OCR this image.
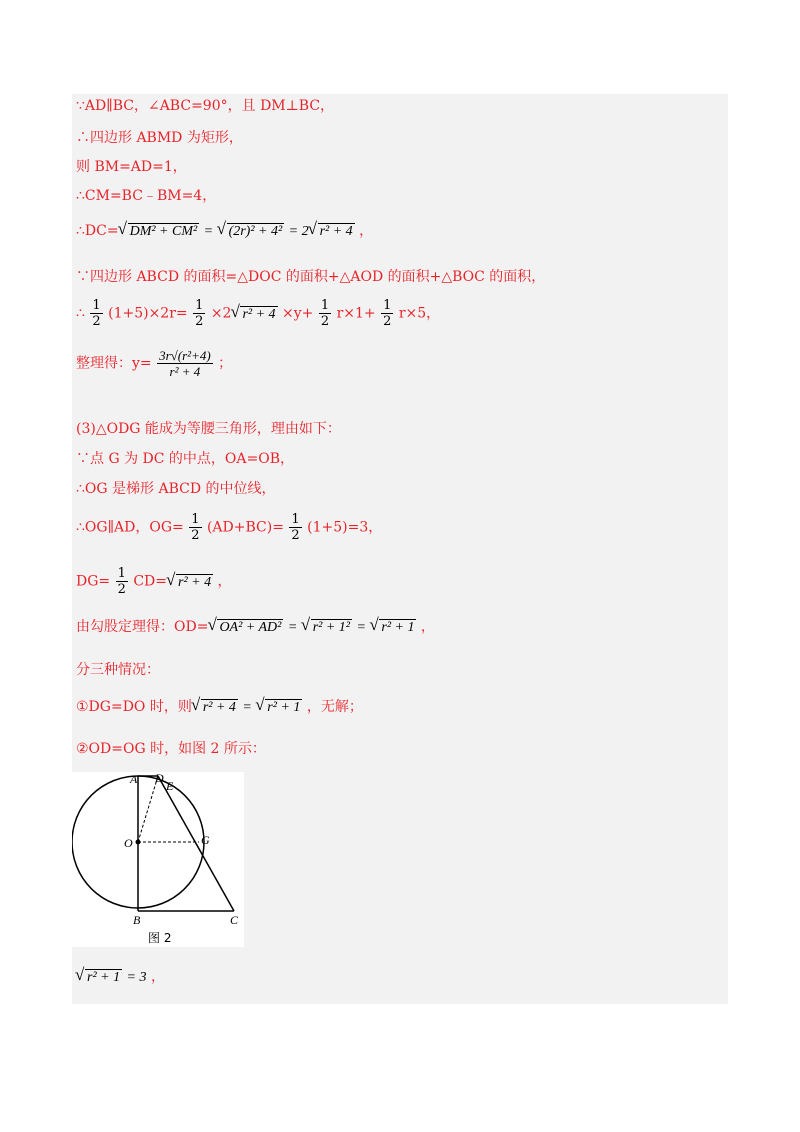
∵AD∥BC，∠ABC=90°，且 DM⊥BC，
∴四边形 ABMD 为矩形，
则 BM=AD=1，
∴CM=BC﹣BM=4，
∴DC=√ DM² + CM² = √ (2r)² + 4² = 2√ r² + 4 ，
∵四边形 ABCD 的面积=△DOC 的面积+△AOD 的面积+△BOC 的面积，
∴ $\frac{1}{2} (1+5)\times 2r= \frac{1}{2} \times 2√$ $r^2 + 4 \times y+ \frac{1}{2} r\times 1+ \frac{1}{2} r\times 5$，
整理得：$y= \frac{\text{3r√(r²+4)}}{\text{r² + 4}}$ ；
(3)△ODG 能成为等腰三角形，理由如下：
∵点 G 为 DC 的中点，OA=OB，
∴OG 是梯形 ABCD 的中位线，
∴OG∥AD，$OG= \frac{1}{2} (AD+BC)= \frac{1}{2} (1+5)=3$，
$DG= \frac{1}{2} CD=√$ r² + 4 ，
由勾股定理得：OD=√ OA² + AD² = √ r² + 1² = √ r² + 1 ，
分三种情况：
①DG=DO 时，则√ r² + 4 = √ r² + 1 ，无解；
②OD=OG 时，如图 2 所示：
A D
E
O	G
B	C
图 2
√ r² + 1 = 3 ，
